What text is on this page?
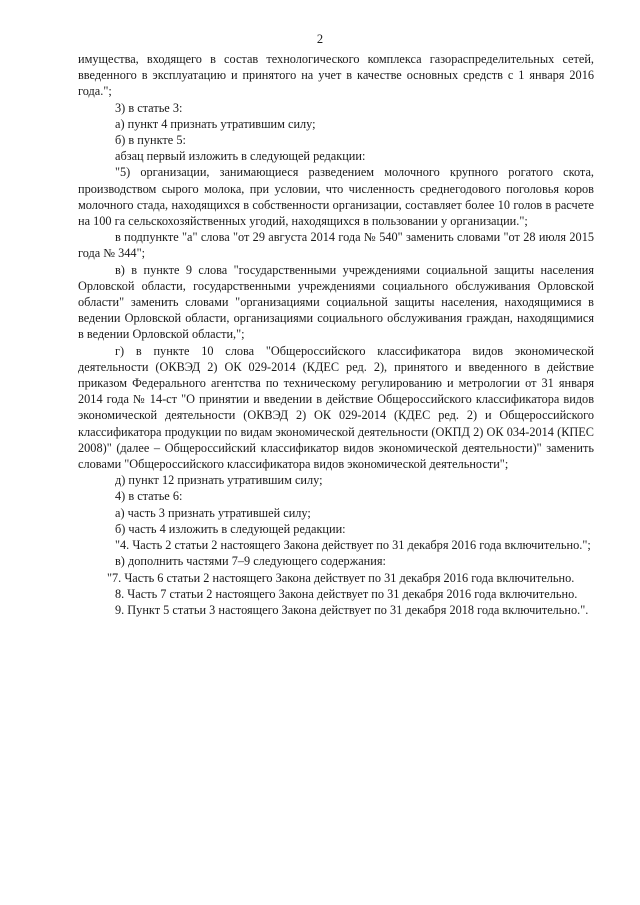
2

имущества, входящего в состав технологического комплекса газораспределительных сетей, введенного в эксплуатацию и принятого на учет в качестве основных средств с 1 января 2016 года.";

3) в статье 3:

а) пункт 4 признать утратившим силу;

б) в пункте 5:

абзац первый изложить в следующей редакции:

"5) организации, занимающиеся разведением молочного крупного рогатого скота, производством сырого молока, при условии, что численность среднегодового поголовья коров молочного стада, находящихся в собственности организации, составляет более 10 голов в расчете на 100 га сельскохозяйственных угодий, находящихся в пользовании у организации.";

в подпункте "а" слова "от 29 августа 2014 года № 540" заменить словами "от 28 июля 2015 года № 344";

в) в пункте 9 слова "государственными учреждениями социальной защиты населения Орловской области, государственными учреждениями социального обслуживания Орловской области" заменить словами "организациями социальной защиты населения, находящимися в ведении Орловской области, организациями социального обслуживания граждан, находящимися в ведении Орловской области,";

г) в пункте 10 слова "Общероссийского классификатора видов экономической деятельности (ОКВЭД 2) ОК 029-2014 (КДЕС ред. 2), принятого и введенного в действие приказом Федерального агентства по техническому регулированию и метрологии от 31 января 2014 года № 14-ст "О принятии и введении в действие Общероссийского классификатора видов экономической деятельности (ОКВЭД 2) ОК 029-2014 (КДЕС ред. 2) и Общероссийского классификатора продукции по видам экономической деятельности (ОКПД 2) ОК 034-2014 (КПЕС 2008)" (далее – Общероссийский классификатор видов экономической деятельности)" заменить словами "Общероссийского классификатора видов экономической деятельности";

д) пункт 12 признать утратившим силу;

4) в статье 6:

а) часть 3 признать утратившей силу;

б) часть 4 изложить в следующей редакции:

"4. Часть 2 статьи 2 настоящего Закона действует по 31 декабря 2016 года включительно.";

в) дополнить частями 7–9 следующего содержания:

"7. Часть 6 статьи 2 настоящего Закона действует по 31 декабря 2016 года включительно.

8. Часть 7 статьи 2 настоящего Закона действует по 31 декабря 2016 года включительно.

9. Пункт 5 статьи 3 настоящего Закона действует по 31 декабря 2018 года включительно.".
